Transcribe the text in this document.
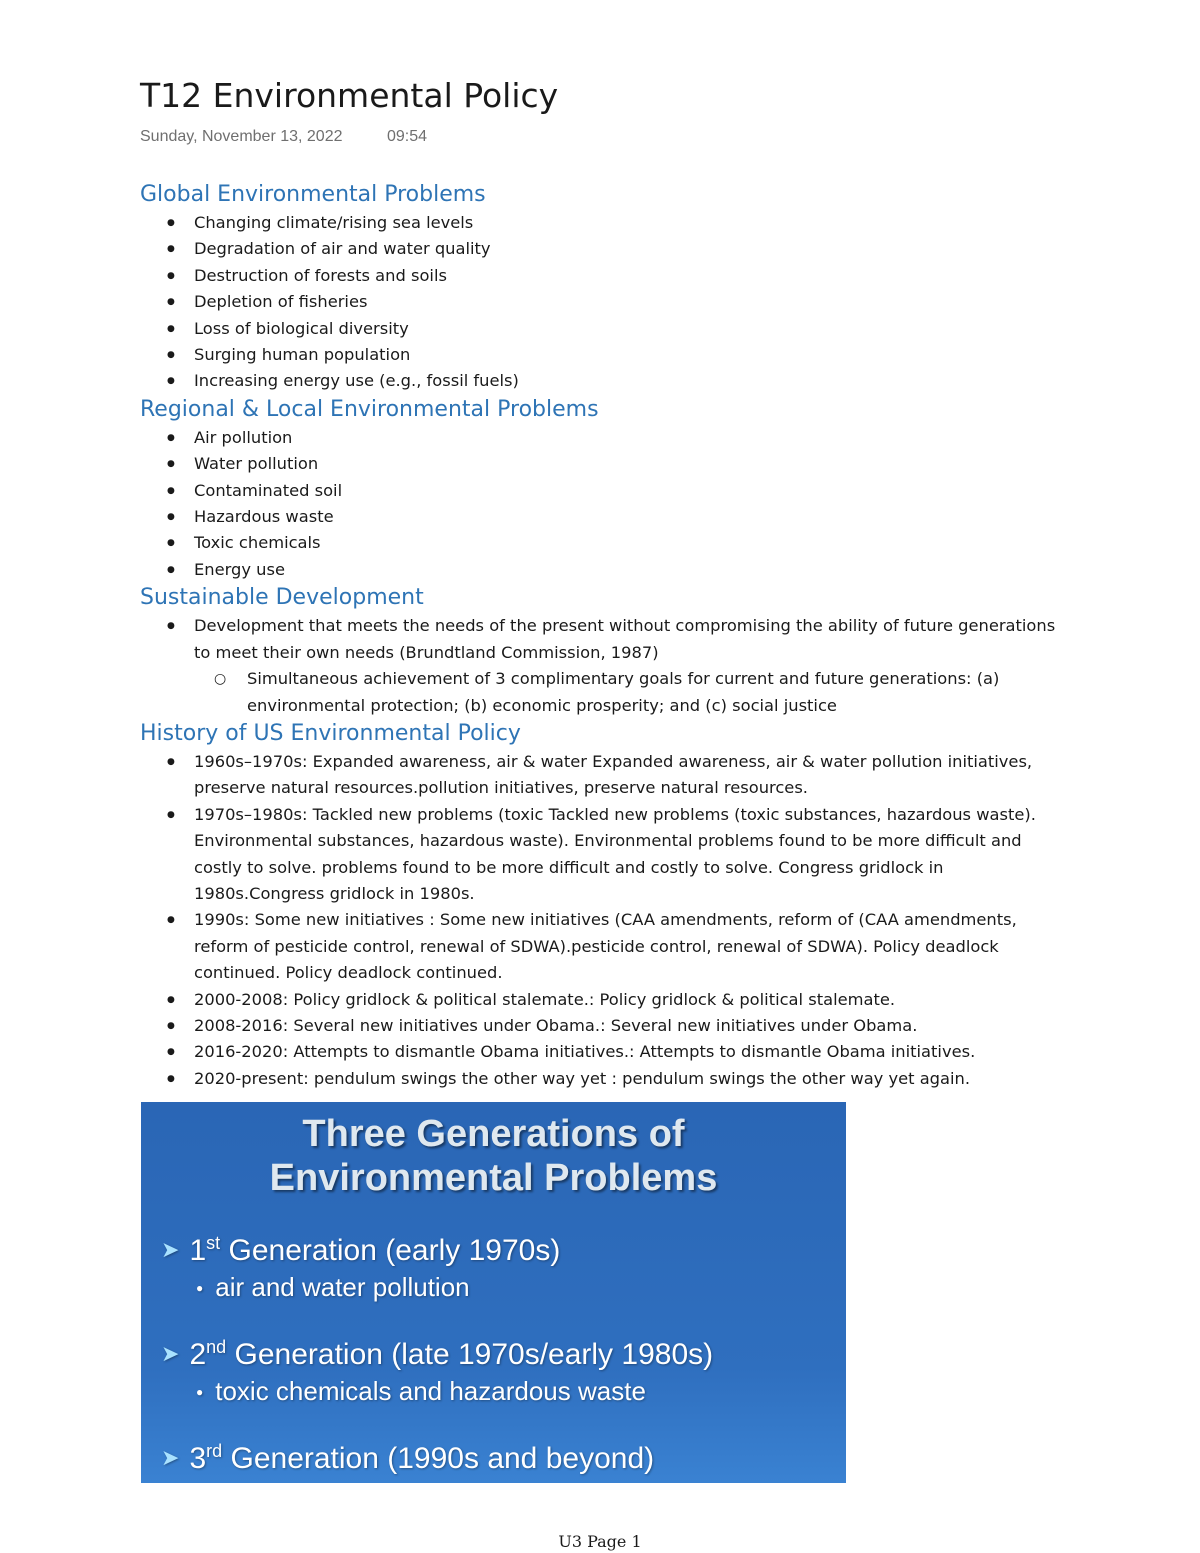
T12 Environmental Policy
Sunday, November 13, 2022	09:54
Global Environmental Problems
● Changing climate/rising sea levels
● Degradation of air and water quality
● Destruction of forests and soils
● Depletion of fisheries
● Loss of biological diversity
● Surging human population
● Increasing energy use (e.g., fossil fuels)
Regional & Local Environmental Problems
● Air pollution
● Water pollution
● Contaminated soil
● Hazardous waste
● Toxic chemicals
● Energy use
Sustainable Development
● Development that meets the needs of the present without compromising the ability of future generations to meet their own needs (Brundtland Commission, 1987)
○ Simultaneous achievement of 3 complimentary goals for current and future generations: (a) environmental protection; (b) economic prosperity; and (c) social justice
History of US Environmental Policy
● 1960s–1970s: Expanded awareness, air & water Expanded awareness, air & water pollution initiatives, preserve natural resources.pollution initiatives, preserve natural resources.
● 1970s–1980s: Tackled new problems (toxic Tackled new problems (toxic substances, hazardous waste). Environmental substances, hazardous waste). Environmental problems found to be more difficult and costly to solve. problems found to be more difficult and costly to solve. Congress gridlock in 1980s.Congress gridlock in 1980s.
● 1990s: Some new initiatives : Some new initiatives (CAA amendments, reform of (CAA amendments, reform of pesticide control, renewal of SDWA).pesticide control, renewal of SDWA). Policy deadlock continued. Policy deadlock continued.
● 2000-2008: Policy gridlock & political stalemate.: Policy gridlock & political stalemate.
● 2008-2016: Several new initiatives under Obama.: Several new initiatives under Obama.
● 2016-2020: Attempts to dismantle Obama initiatives.: Attempts to dismantle Obama initiatives.
● 2020-present: pendulum swings the other way yet : pendulum swings the other way yet again.
Three Generations of
Environmental Problems
➤ 1st Generation (early 1970s)
● air and water pollution
➤ 2nd Generation (late 1970s/early 1980s)
● toxic chemicals and hazardous waste
➤ 3rd Generation (1990s and beyond)
U3 Page 1
